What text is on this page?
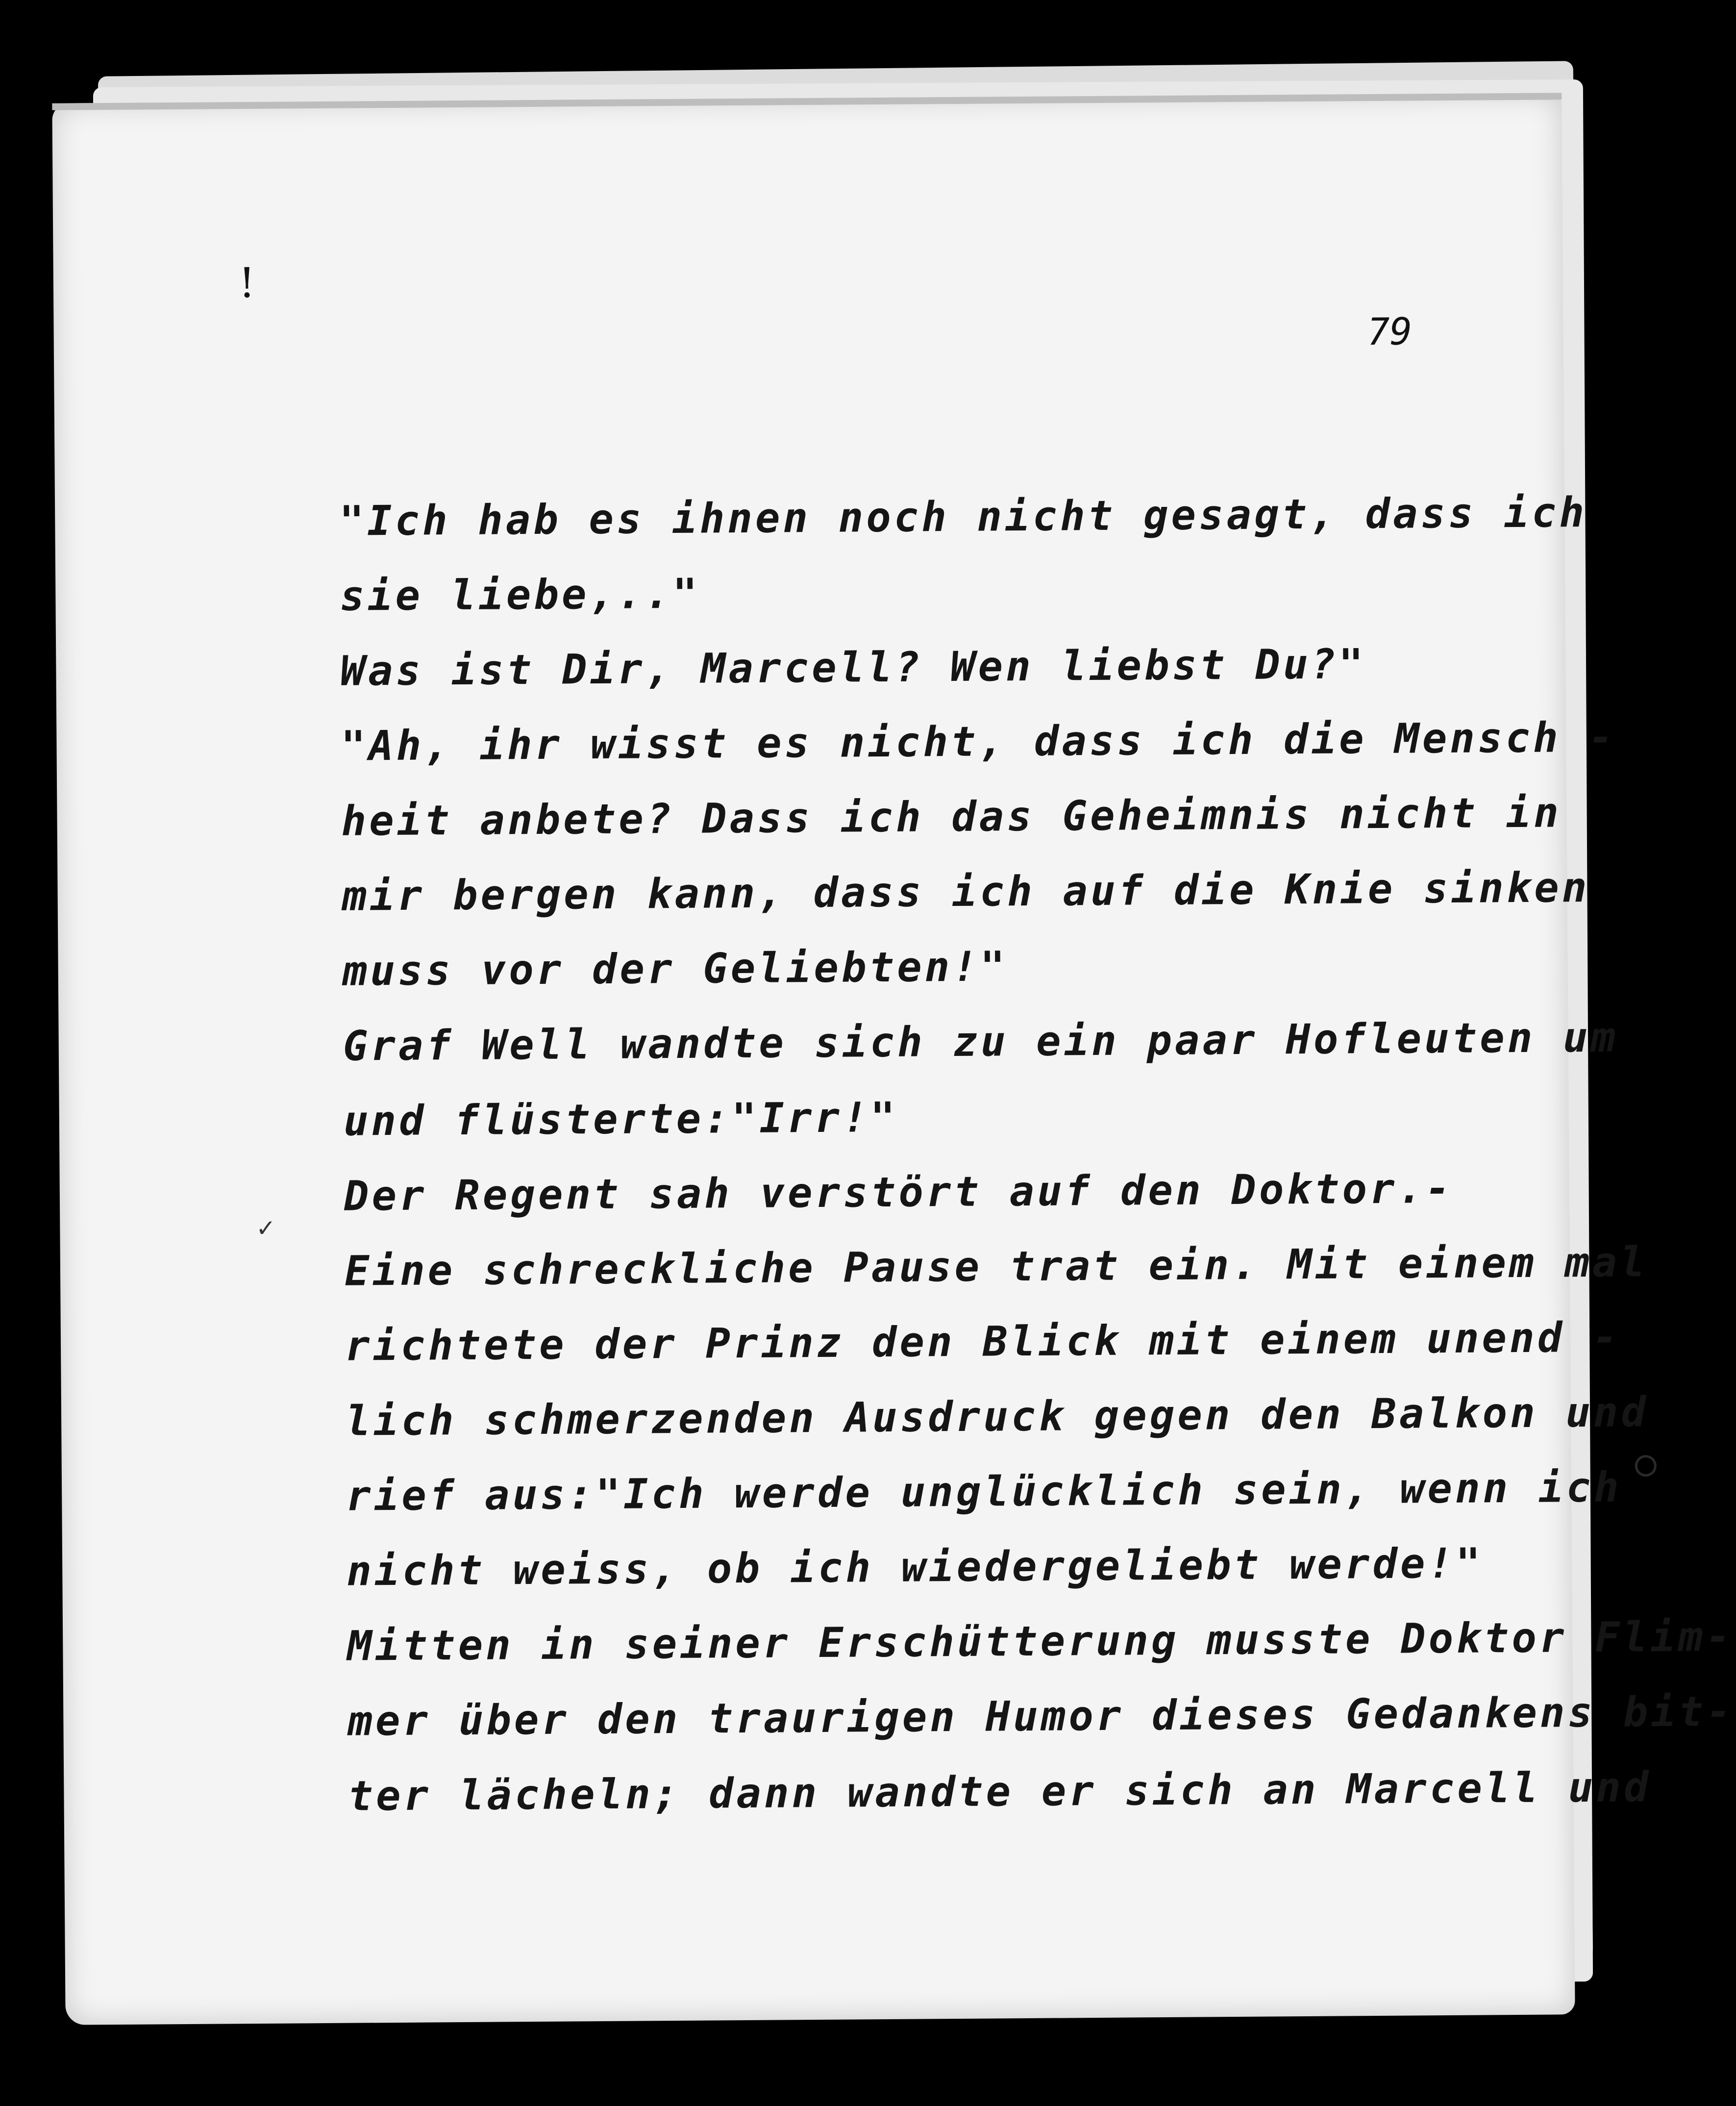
!
79
"Ich hab es ihnen noch nicht gesagt, dass ich
sie liebe,.."
Was ist Dir, Marcell? Wen liebst Du?"
"Ah, ihr wisst es nicht, dass ich die Mensch -
heit anbete? Dass ich das Geheimnis nicht in
mir bergen kann, dass ich auf die Knie sinken
muss vor der Geliebten!"
Graf Well wandte sich zu ein paar Hofleuten um
und flüsterte:"Irr!"
Der Regent sah verstört auf den Doktor.-
Eine schreckliche Pause trat ein. Mit einem mal
richtete der Prinz den Blick mit einem unend -
lich schmerzenden Ausdruck gegen den Balkon und
rief aus:"Ich werde unglücklich sein, wenn ich
nicht weiss, ob ich wiedergeliebt werde!"
Mitten in seiner Erschütterung musste Doktor Flim-
mer über den traurigen Humor dieses Gedankens bit-
ter lächeln; dann wandte er sich an Marcell und
✓
